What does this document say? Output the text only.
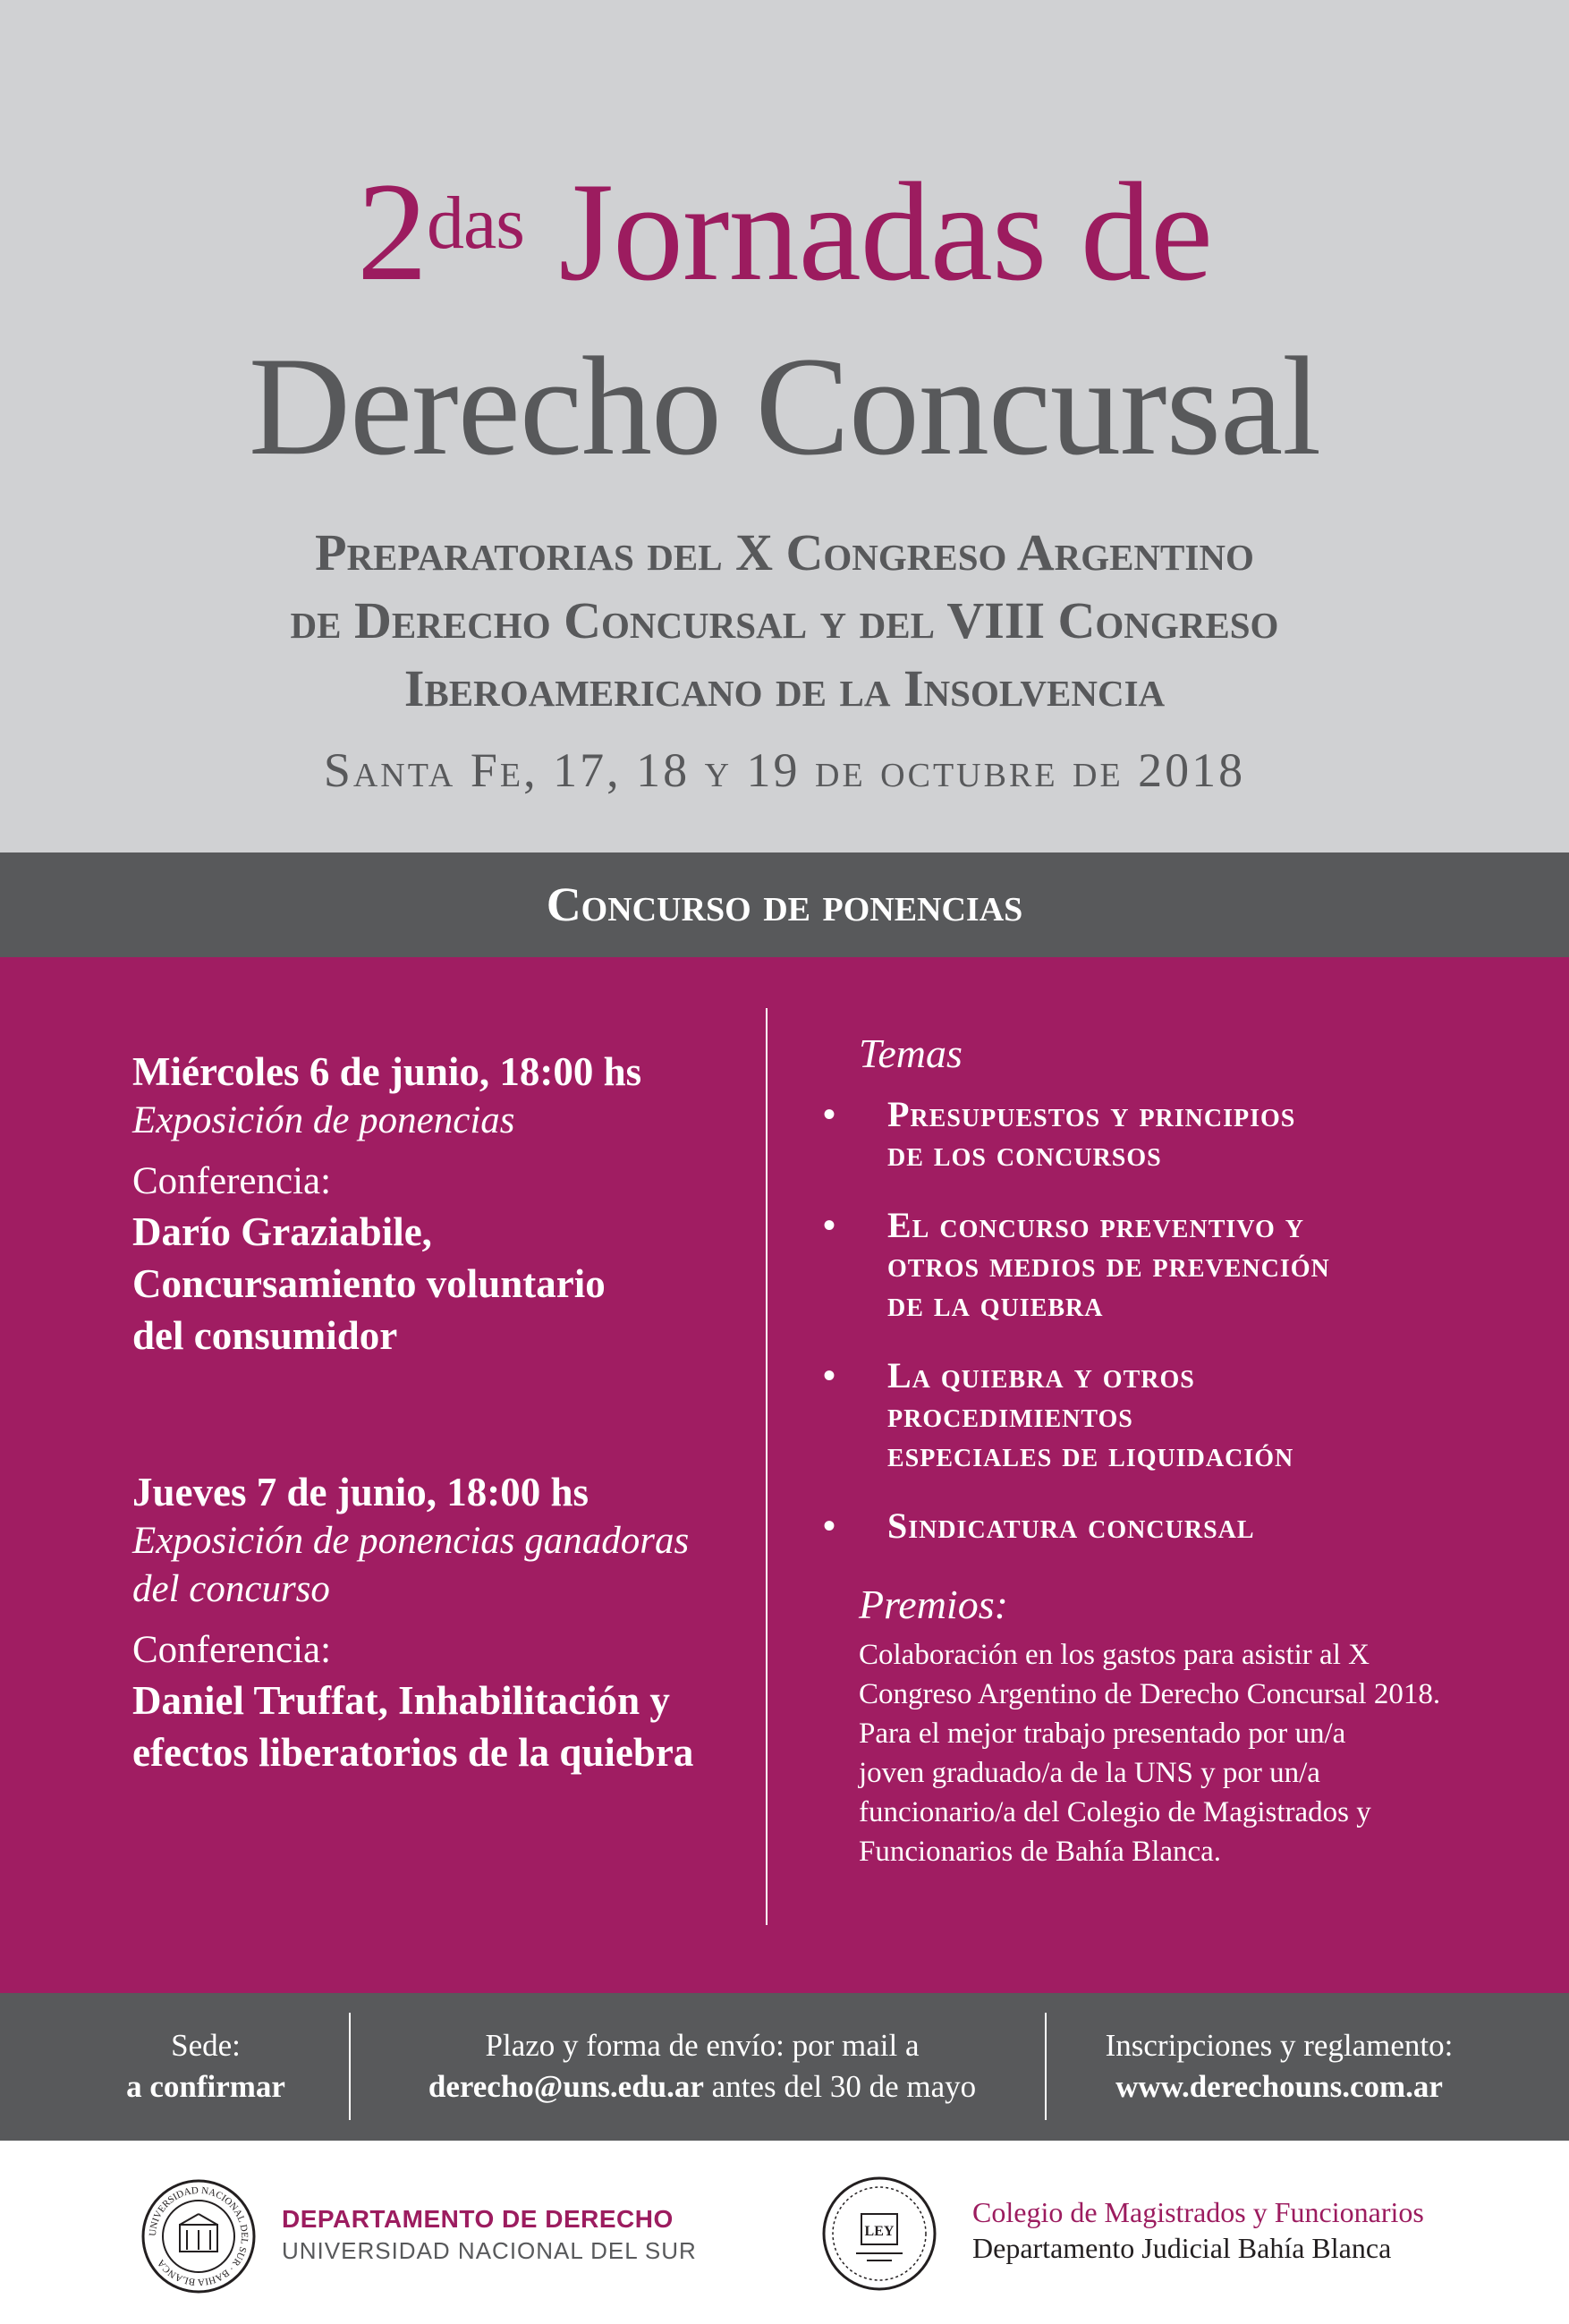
$2^{das}$ Jornadas de
Derecho Concursal
Preparatorias del X Congreso Argentino
de Derecho Concursal y del VIII Congreso
Iberoamericano de la Insolvencia
Santa Fe, 17, 18 y 19 de octubre de 2018
Concurso de ponencias
Miércoles 6 de junio, 18:00 hs
Exposición de ponencias
Conferencia:
Darío Graziabile,
Concursamiento voluntario
del consumidor
Jueves 7 de junio, 18:00 hs
Exposición de ponencias ganadoras
del concurso
Conferencia:
Daniel Truffat, Inhabilitación y
efectos liberatorios de la quiebra
Temas
• Presupuestos y principios
de los concursos
• El concurso preventivo y
otros medios de prevención
de la quiebra
• La quiebra y otros
procedimientos
especiales de liquidación
• Sindicatura concursal
Premios:
Colaboración en los gastos para asistir al X
Congreso Argentino de Derecho Concursal 2018.
Para el mejor trabajo presentado por un/a
joven graduado/a de la UNS y por un/a
funcionario/a del Colegio de Magistrados y
Funcionarios de Bahía Blanca.
Sede:
a confirmar
Plazo y forma de envío: por mail a
derecho@uns.edu.ar antes del 30 de mayo
Inscripciones y reglamento:
www.derechouns.com.ar
UNIVERSIDAD NACIONAL DEL SUR · BAHIA BLANCA
DEPARTAMENTO DE DERECHO
UNIVERSIDAD NACIONAL DEL SUR
LEY
Colegio de Magistrados y Funcionarios
Departamento Judicial Bahía Blanca
